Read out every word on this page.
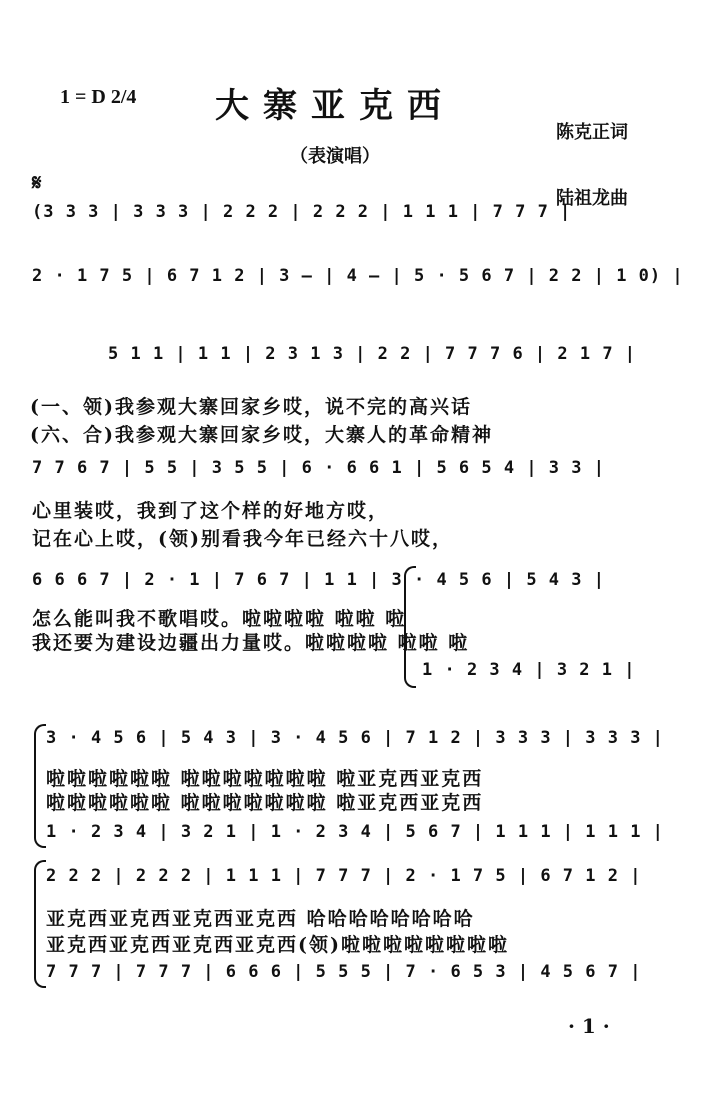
1 = D 2/4 大寨亚克西

陈克正词

陆祖龙曲

（表演唱）
𝄋
(3 3 3 | 3 3 3 | 2 2 2 | 2 2 2 | 1 1 1 | 7 7 7 |
2 · 1 7 5 | 6 7 1 2 | 3 — | 4 — | 5 · 5 6 7 | 2 2 | 1 0) |
5 1 1 | 1 1 | 2 3 1 3 | 2 2 | 7 7 7 6 | 2 1 7 |
(一、领)我参观大寨回家乡哎，说不完的高兴话
(六、合)我参观大寨回家乡哎，大寨人的革命精神
7 7 6 7 | 5 5 | 3 5 5 | 6 · 6 6 1 | 5 6 5 4 | 3 3 |
心里装哎，我到了这个样的好地方哎，
记在心上哎，(领)别看我今年已经六十八哎，
6 6 6 7 | 2 · 1 | 7 6 7 | 1 1 | 3 · 4 5 6 | 5 4 3 |
怎么能叫我不歌唱哎。啦啦啦啦 啦啦 啦
我还要为建设边疆出力量哎。啦啦啦啦 啦啦 啦
1 · 2 3 4 | 3 2 1 |
3 · 4 5 6 | 5 4 3 | 3 · 4 5 6 | 7 1 2 | 3 3 3 | 3 3 3 |
啦啦啦啦啦啦 啦啦啦啦啦啦啦 啦亚克西亚克西
啦啦啦啦啦啦 啦啦啦啦啦啦啦 啦亚克西亚克西
1 · 2 3 4 | 3 2 1 | 1 · 2 3 4 | 5 6 7 | 1 1 1 | 1 1 1 |
2 2 2 | 2 2 2 | 1 1 1 | 7 7 7 | 2 · 1 7 5 | 6 7 1 2 |
亚克西亚克西亚克西亚克西 哈哈哈哈哈哈哈哈
亚克西亚克西亚克西亚克西(领)啦啦啦啦啦啦啦啦
7 7 7 | 7 7 7 | 6 6 6 | 5 5 5 | 7 · 6 5 3 | 4 5 6 7 |
· 1 ·
